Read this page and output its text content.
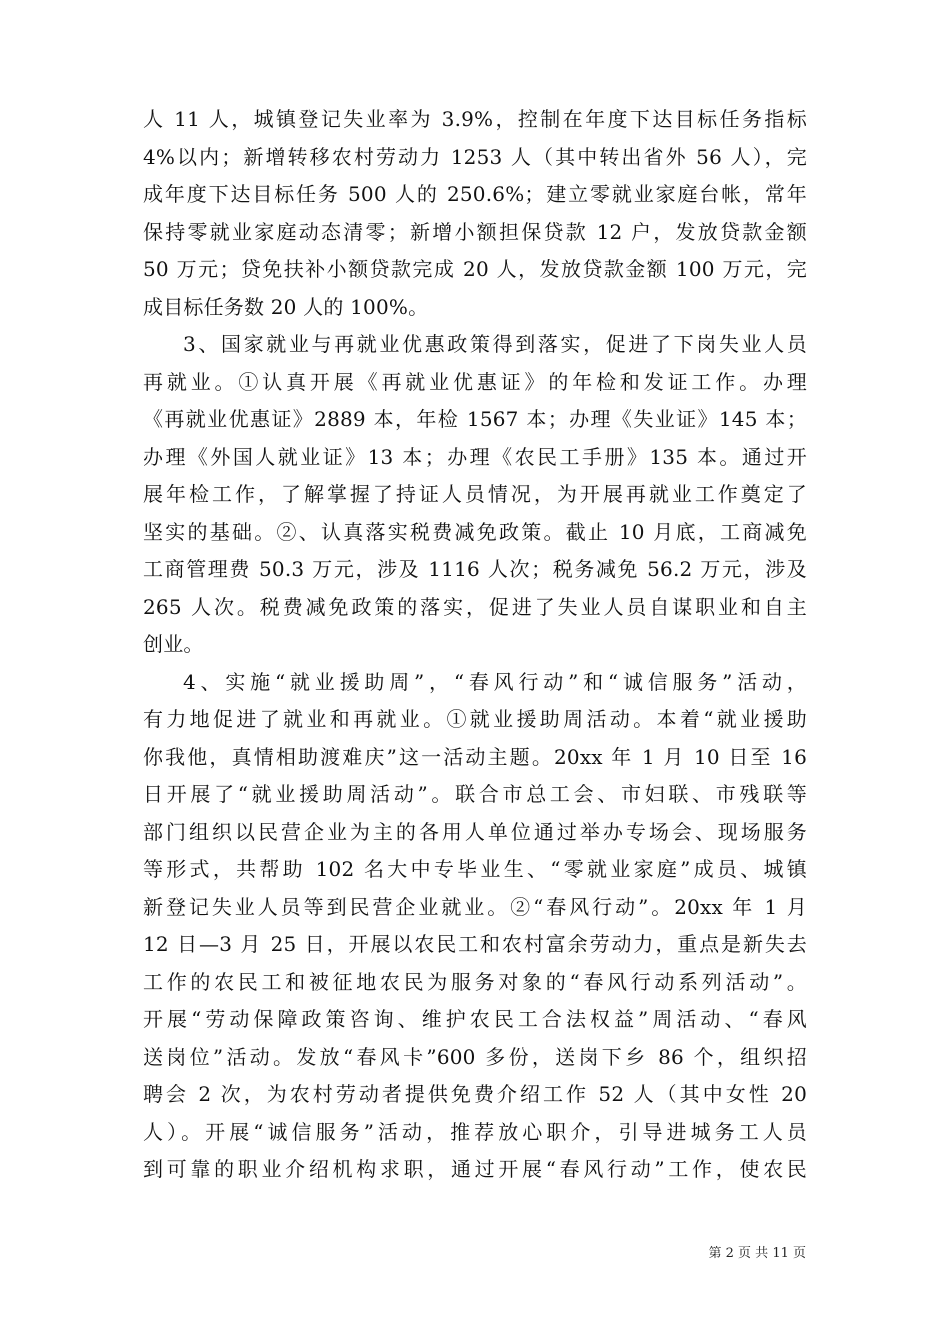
人 11 人，城镇登记失业率为 3.9%，控制在年度下达目标任务指标
4%以内；新增转移农村劳动力 1253 人（其中转出省外 56 人），完
成年度下达目标任务 500 人的 250.6%；建立零就业家庭台帐，常年
保持零就业家庭动态清零；新增小额担保贷款 12 户，发放贷款金额
50 万元；贷免扶补小额贷款完成 20 人，发放贷款金额 100 万元，完
成目标任务数 20 人的 100%。
3、国家就业与再就业优惠政策得到落实，促进了下岗失业人员
再就业。①认真开展《再就业优惠证》的年检和发证工作。办理
《再就业优惠证》2889 本，年检 1567 本；办理《失业证》145 本；
办理《外国人就业证》13 本；办理《农民工手册》135 本。通过开
展年检工作，了解掌握了持证人员情况，为开展再就业工作奠定了
坚实的基础。②、认真落实税费减免政策。截止 10 月底，工商减免
工商管理费 50.3 万元，涉及 1116 人次；税务减免 56.2 万元，涉及
265 人次。税费减免政策的落实，促进了失业人员自谋职业和自主
创业。
4、实施“就业援助周”，“春风行动”和“诚信服务”活动，
有力地促进了就业和再就业。①就业援助周活动。本着“就业援助
你我他，真情相助渡难庆”这一活动主题。20xx 年 1 月 10 日至 16
日开展了“就业援助周活动”。联合市总工会、市妇联、市残联等
部门组织以民营企业为主的各用人单位通过举办专场会、现场服务
等形式，共帮助 102 名大中专毕业生、“零就业家庭”成员、城镇
新登记失业人员等到民营企业就业。②“春风行动”。20xx 年 1 月
12 日—3 月 25 日，开展以农民工和农村富余劳动力，重点是新失去
工作的农民工和被征地农民为服务对象的“春风行动系列活动”。
开展“劳动保障政策咨询、维护农民工合法权益”周活动、“春风
送岗位”活动。发放“春风卡”600 多份，送岗下乡 86 个，组织招
聘会 2 次，为农村劳动者提供免费介绍工作 52 人（其中女性 20
人）。开展“诚信服务”活动，推荐放心职介，引导进城务工人员
到可靠的职业介绍机构求职，通过开展“春风行动”工作，使农民
第 2 页 共 11 页
